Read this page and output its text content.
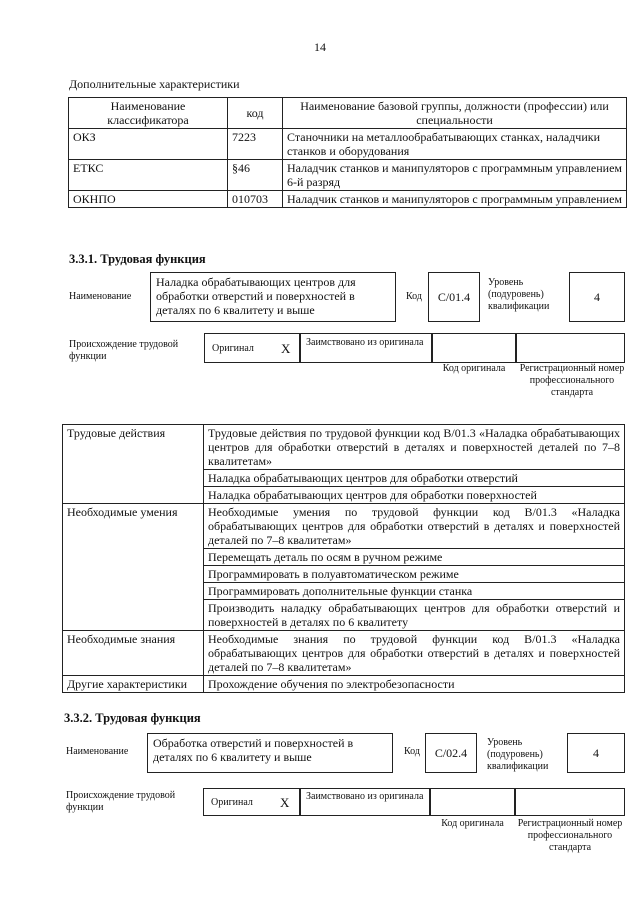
14
Дополнительные характеристики
Наименование классификатора	код	Наименование базовой группы, должности (профессии) или специальности
ОКЗ	7223	Станочники на металлообрабатывающих станках, наладчики станков и оборудования
ЕТКС	§46	Наладчик станков и манипуляторов с программным управлением 6-й разряд
ОКНПО	010703	Наладчик станков и манипуляторов с программным управлением
3.3.1. Трудовая функция
Наименование
Наладка обрабатывающих центров для обработки отверстий и поверхностей в деталях по 6 квалитету и выше
Код	C/01.4
Уровень (подуровень) квалификации
4
Происхождение трудовой функции
Оригинал X Заимствовано из оригинала
Код оригинала	Регистрационный номер профессионального стандарта
Трудовые действия	Трудовые действия по трудовой функции код В/01.3 «Наладка обрабатывающих центров для обработки отверстий в деталях и поверхностей деталей по 7–8 квалитетам»
	Наладка обрабатывающих центров для обработки отверстий
	Наладка обрабатывающих центров для обработки поверхностей
Необходимые умения	Необходимые умения по трудовой функции код В/01.3 «Наладка обрабатывающих центров для обработки отверстий в деталях и поверхностей деталей по 7–8 квалитетам»
	Перемещать деталь по осям в ручном режиме
	Программировать в полуавтоматическом режиме
	Программировать дополнительные функции станка
	Производить наладку обрабатывающих центров для обработки отверстий и поверхностей в деталях по 6 квалитету
Необходимые знания	Необходимые знания по трудовой функции код В/01.3 «Наладка обрабатывающих центров для обработки отверстий в деталях и поверхностей деталей по 7–8 квалитетам»
Другие характеристики	Прохождение обучения по электробезопасности
3.3.2. Трудовая функция
Наименование
Обработка отверстий и поверхностей в деталях по 6 квалитету и выше	Код	C/02.4
Уровень (подуровень) квалификации
4
Происхождение трудовой функции	Оригинал X Заимствовано из оригинала
Код оригинала	Регистрационный номер профессионального стандарта
